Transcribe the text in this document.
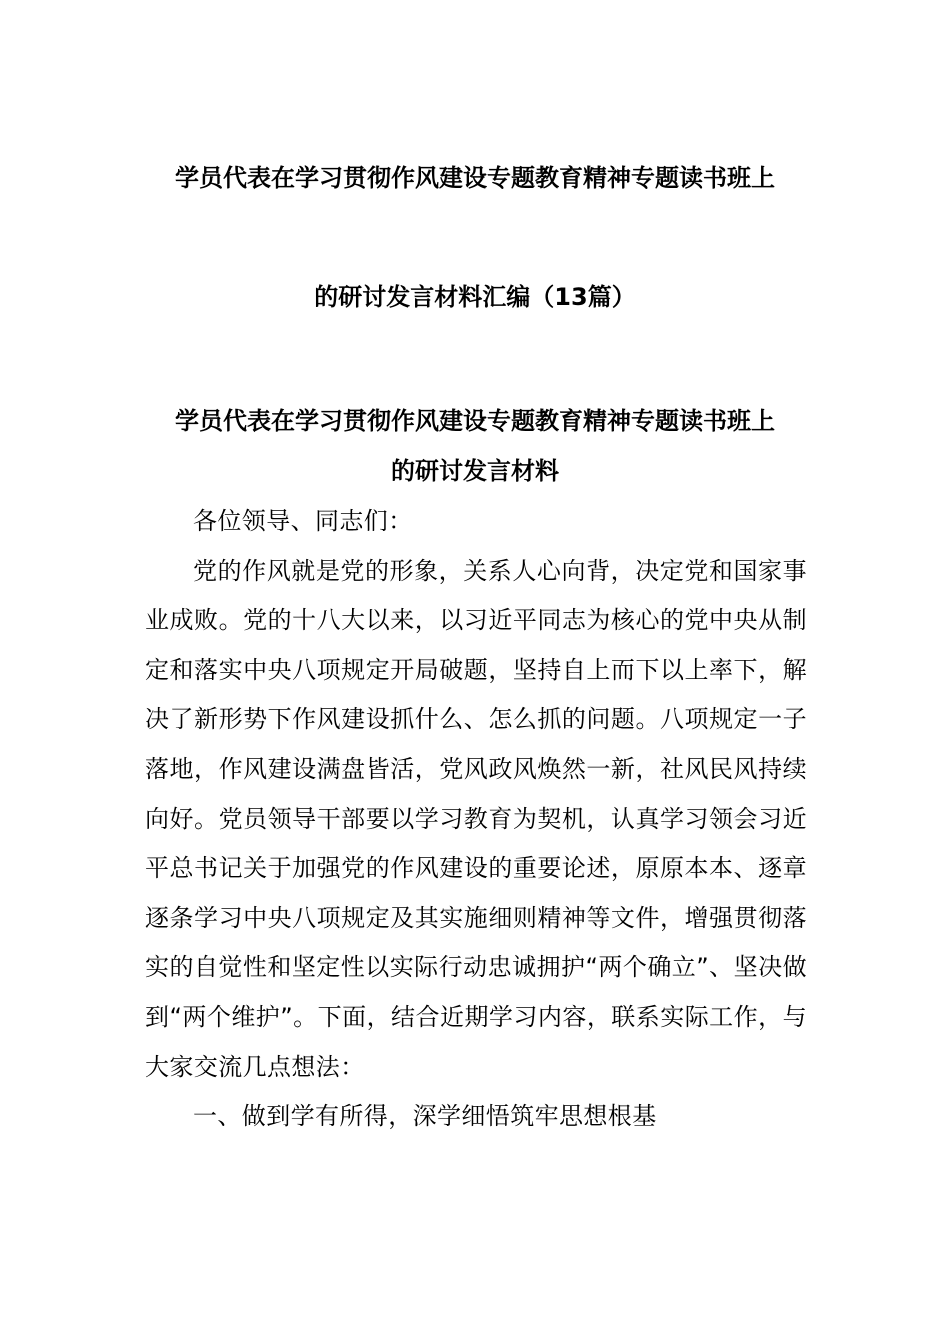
学员代表在学习贯彻作风建设专题教育精神专题读书班上
的研讨发言材料汇编（13篇）
学员代表在学习贯彻作风建设专题教育精神专题读书班上
的研讨发言材料

各位领导、同志们：

党的作风就是党的形象，关系人心向背，决定党和国家事业成败。党的十八大以来，以习近平同志为核心的党中央从制定和落实中央八项规定开局破题，坚持自上而下以上率下，解决了新形势下作风建设抓什么、怎么抓的问题。八项规定一子落地，作风建设满盘皆活，党风政风焕然一新，社风民风持续向好。党员领导干部要以学习教育为契机，认真学习领会习近平总书记关于加强党的作风建设的重要论述，原原本本、逐章逐条学习中央八项规定及其实施细则精神等文件，增强贯彻落实的自觉性和坚定性以实际行动忠诚拥护“两个确立”、坚决做到“两个维护”。下面，结合近期学习内容，联系实际工作，与大家交流几点想法：

一、做到学有所得，深学细悟筑牢思想根基
